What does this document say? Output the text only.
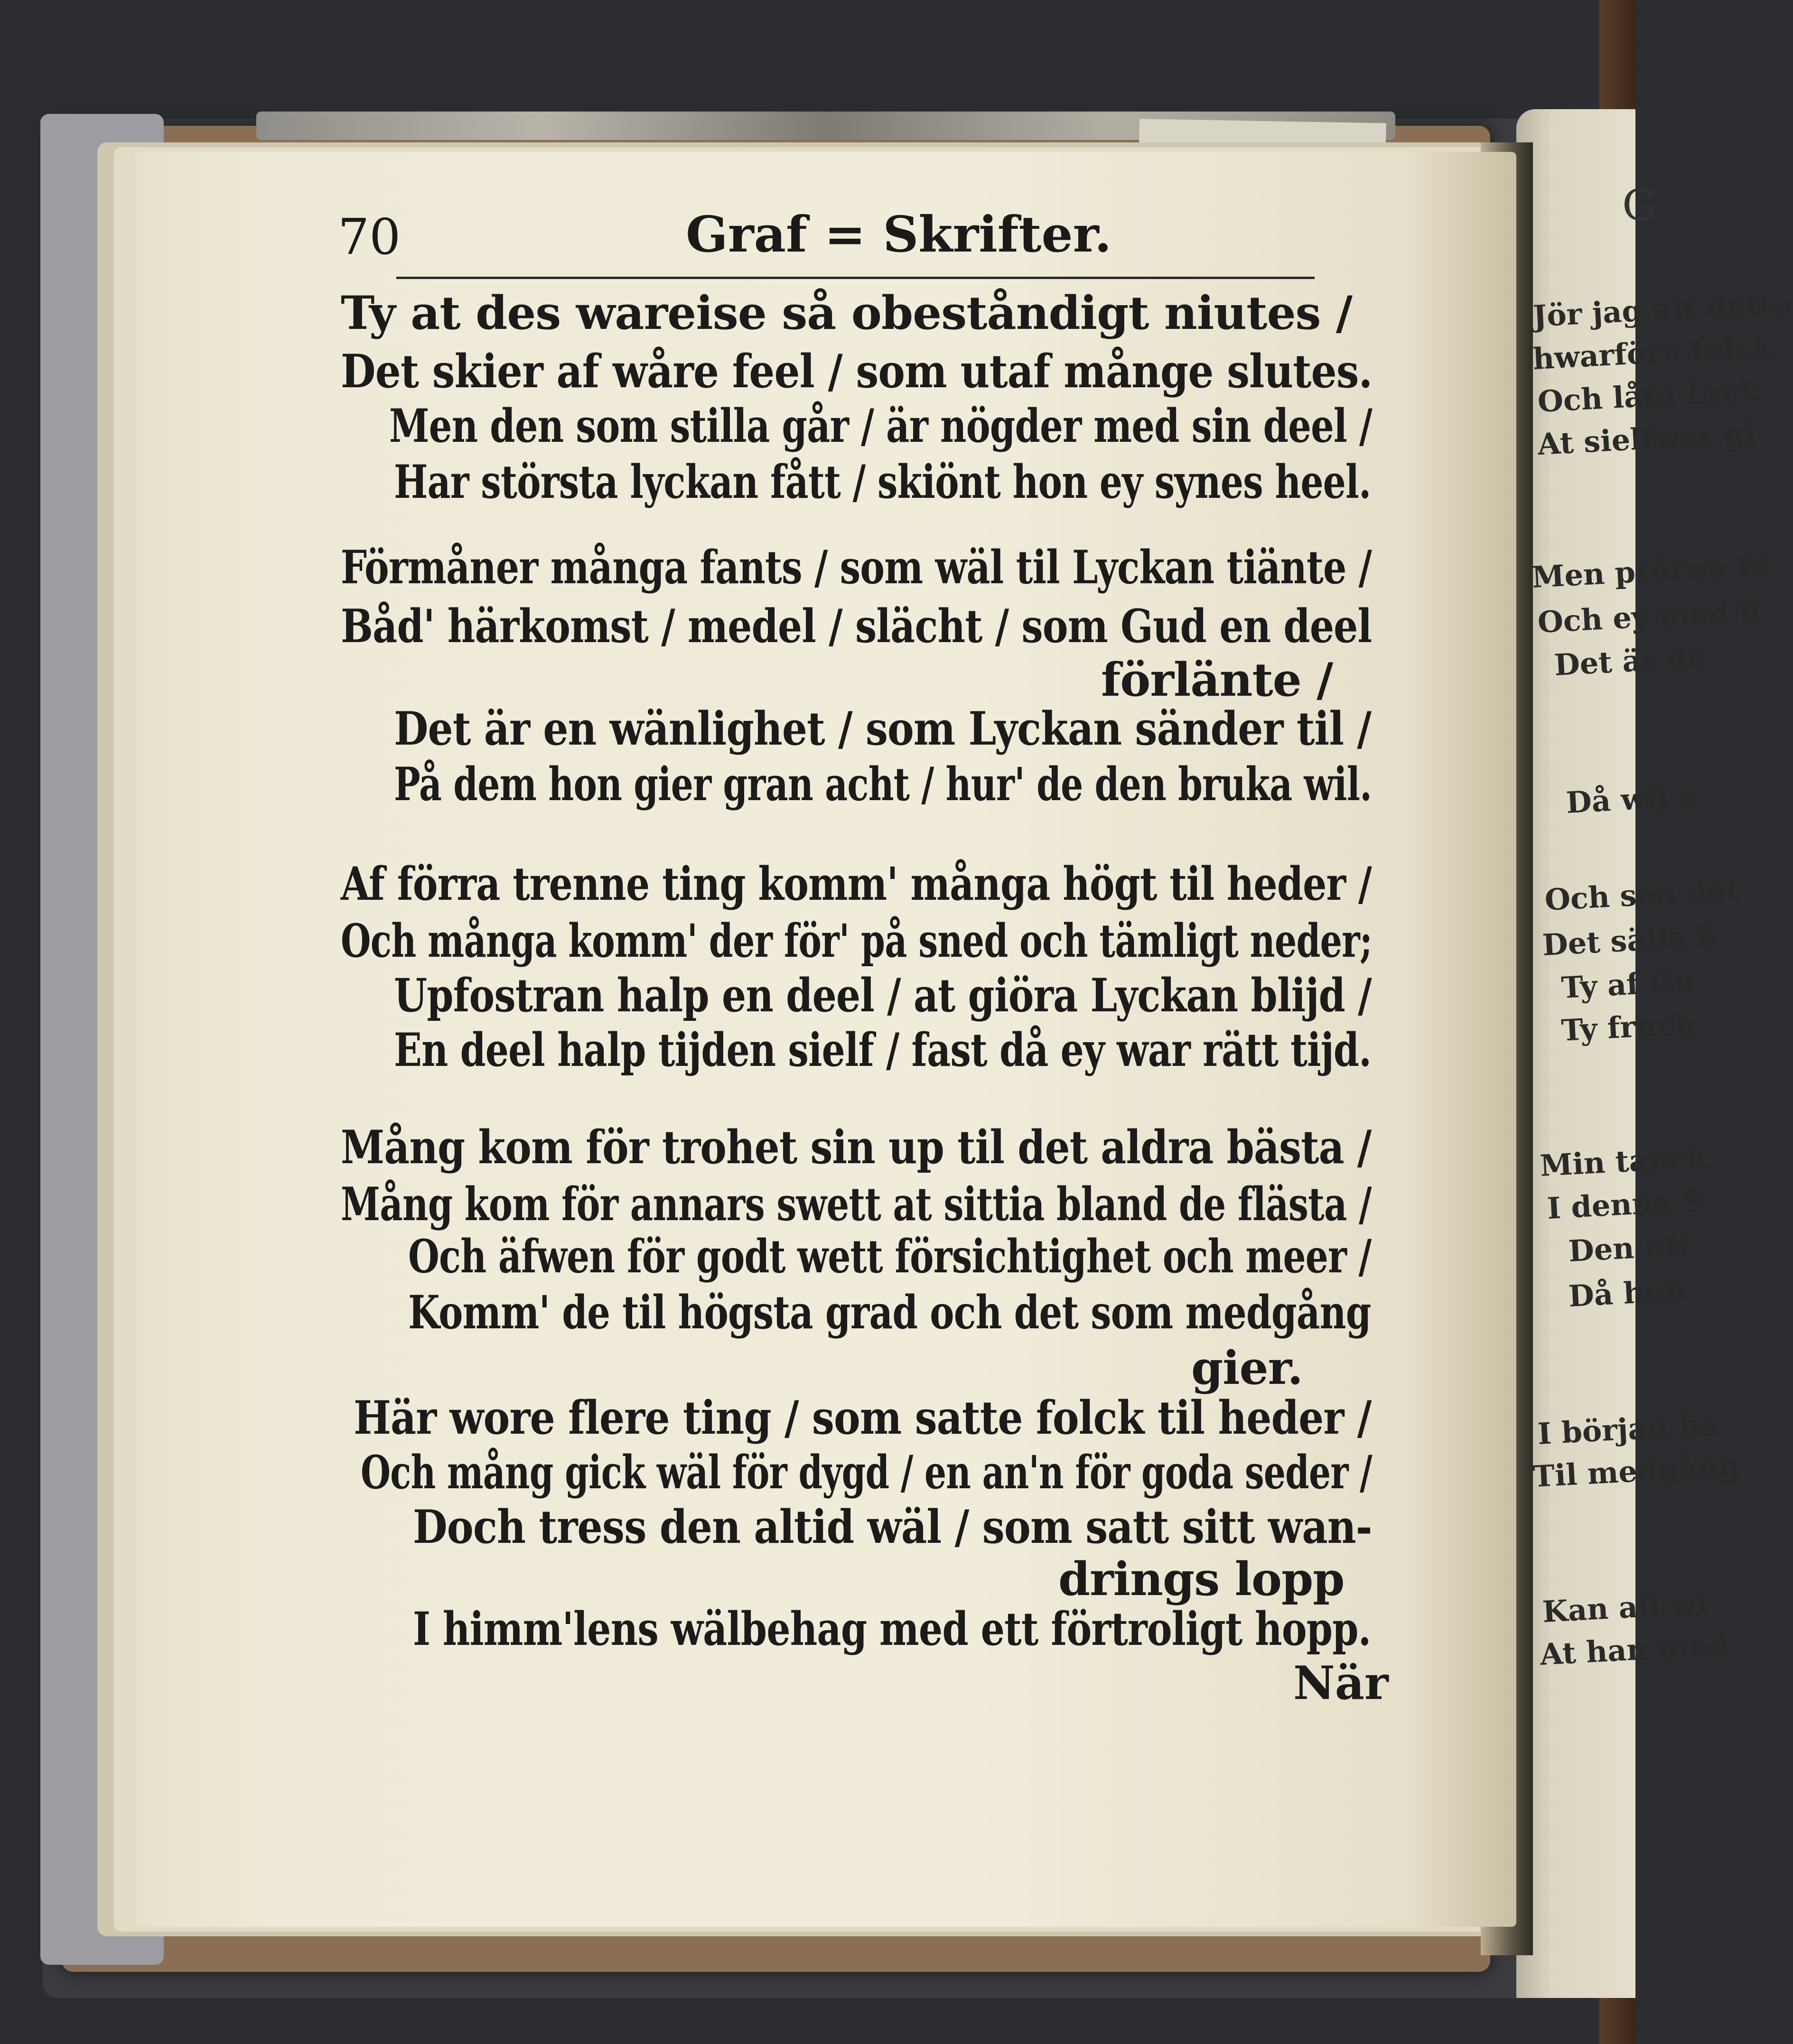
70	Graf = Skrifter.
Ty at des wareise så obeståndigt niutes /
Det skier af wåre feel / som utaf månge slutes.
Men den som stilla går / är nögder med sin deel /
Har största lyckan fått / skiönt hon ey synes heel.
Förmåner många fants / som wäl til Lyckan tiänte /
Båd' härkomst / medel / slächt / som Gud en deel
förlänte /
Det är en wänlighet / som Lyckan sänder til /
På dem hon gier gran acht / hur' de den bruka wil.
Af förra trenne ting komm' många högt til heder /
Och många komm' der för' på sned och tämligt neder;
Upfostran halp en deel / at giöra Lyckan blijd /
En deel halp tijden sielf / fast då ey war rätt tijd.
Mång kom för trohet sin up til det aldra bästa /
Mång kom för annars swett at sittia bland de flästa /
Och äfwen för godt wett försichtighet och meer /
Komm' de til högsta grad och det som medgång
gier.
Här wore flere ting / som satte folck til heder /
Och mång gick wäl för dygd / en an'n för goda seder /
Doch tress den altid wäl / som satt sitt wan-
drings lopp
I himm'lens wälbehag med ett förtroligt hopp.
När
G
Jör jag alt detta
hwarföre folck
Och låta Lyck
At sielfwer gi
Men pröfwa fö
Och ey med fi
Det är de
Då wij o
Och sen det
Det sälla ä
Ty af Gu
Ty fruch
Min tanck
I denna S
Den uti
Då hon
I början ha
Til medgång
Kan all wi
At han med
